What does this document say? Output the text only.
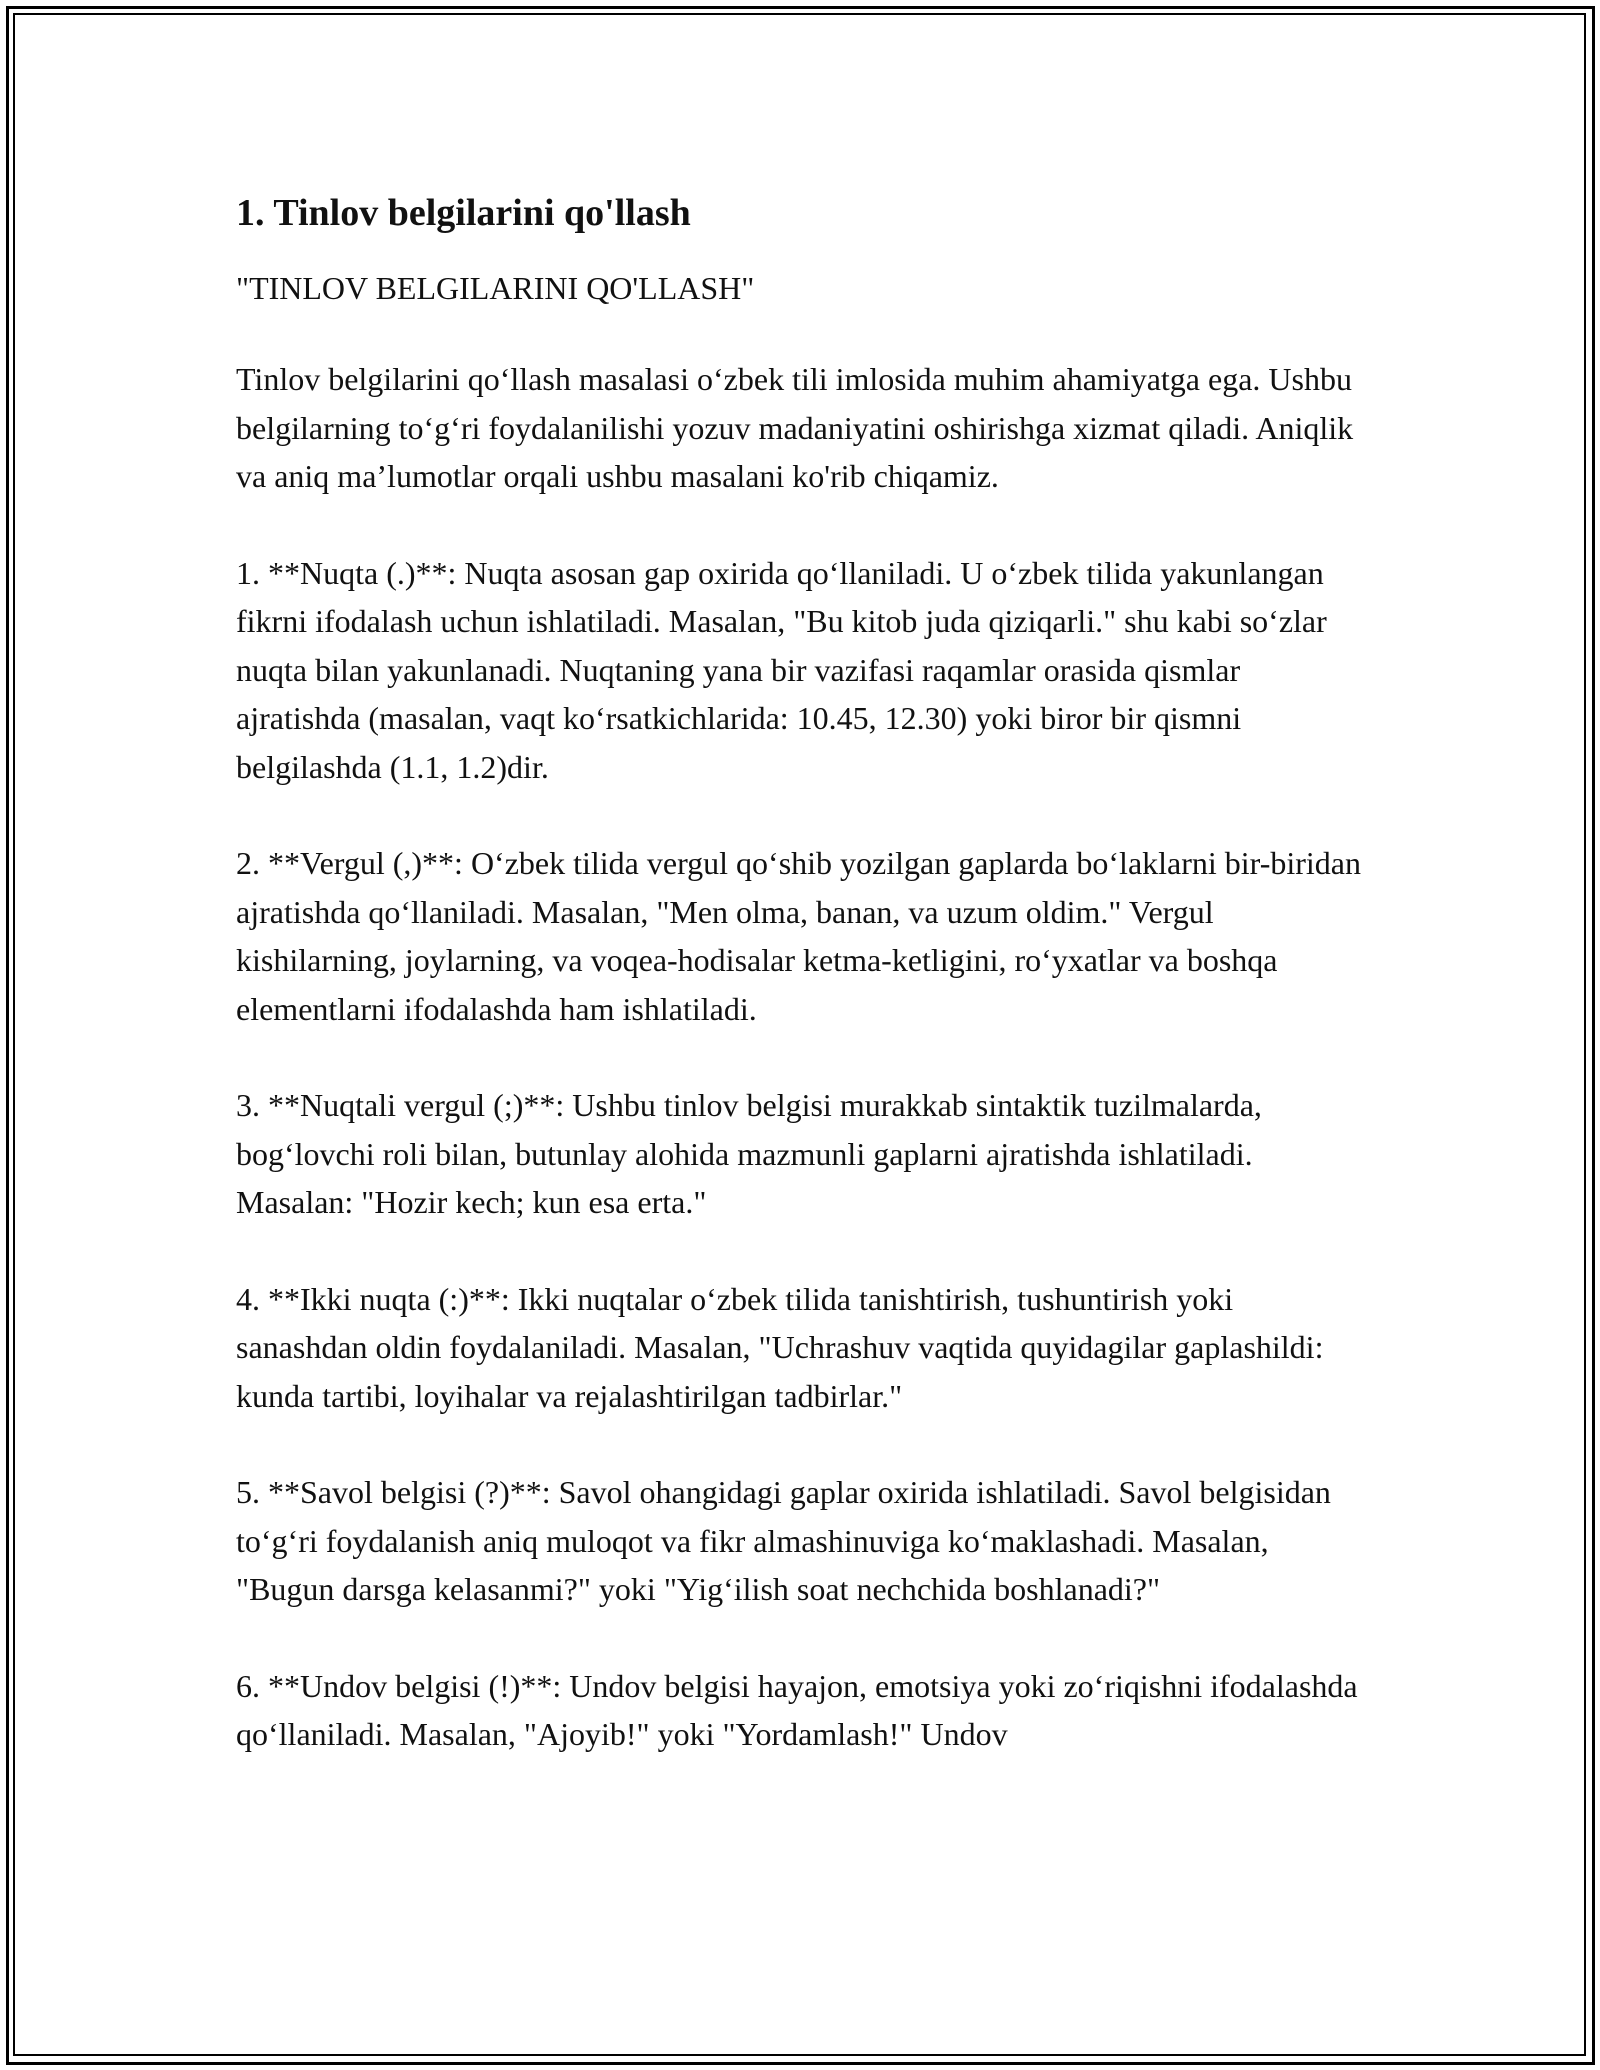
1. Tinlov belgilarini qo'llash

"TINLOV BELGILARINI QO'LLASH"

Tinlov belgilarini qo‘llash masalasi o‘zbek tili imlosida muhim ahamiyatga ega. Ushbu belgilarning to‘g‘ri foydalanilishi yozuv madaniyatini oshirishga xizmat qiladi. Aniqlik va aniq ma’lumotlar orqali ushbu masalani ko'rib chiqamiz.

1. **Nuqta (.)**: Nuqta asosan gap oxirida qo‘llaniladi. U o‘zbek tilida yakunlangan fikrni ifodalash uchun ishlatiladi. Masalan, "Bu kitob juda qiziqarli." shu kabi so‘zlar nuqta bilan yakunlanadi. Nuqtaning yana bir vazifasi raqamlar orasida qismlar ajratishda (masalan, vaqt ko‘rsatkichlarida: 10.45, 12.30) yoki biror bir qismni belgilashda (1.1, 1.2)dir.

2. **Vergul (,)**: O‘zbek tilida vergul qo‘shib yozilgan gaplarda bo‘laklarni bir-biridan ajratishda qo‘llaniladi. Masalan, "Men olma, banan, va uzum oldim." Vergul kishilarning, joylarning, va voqea-hodisalar ketma-ketligini, ro‘yxatlar va boshqa elementlarni ifodalashda ham ishlatiladi.

3. **Nuqtali vergul (;)**: Ushbu tinlov belgisi murakkab sintaktik tuzilmalarda, bog‘lovchi roli bilan, butunlay alohida mazmunli gaplarni ajratishda ishlatiladi. Masalan: "Hozir kech; kun esa erta."

4. **Ikki nuqta (:)**: Ikki nuqtalar o‘zbek tilida tanishtirish, tushuntirish yoki sanashdan oldin foydalaniladi. Masalan, "Uchrashuv vaqtida quyidagilar gaplashildi: kunda tartibi, loyihalar va rejalashtirilgan tadbirlar."

5. **Savol belgisi (?)**: Savol ohangidagi gaplar oxirida ishlatiladi. Savol belgisidan to‘g‘ri foydalanish aniq muloqot va fikr almashinuviga ko‘maklashadi. Masalan, "Bugun darsga kelasanmi?" yoki "Yig‘ilish soat nechchida boshlanadi?"

6. **Undov belgisi (!)**: Undov belgisi hayajon, emotsiya yoki zo‘riqishni ifodalashda qo‘llaniladi. Masalan, "Ajoyib!" yoki "Yordamlash!" Undov
